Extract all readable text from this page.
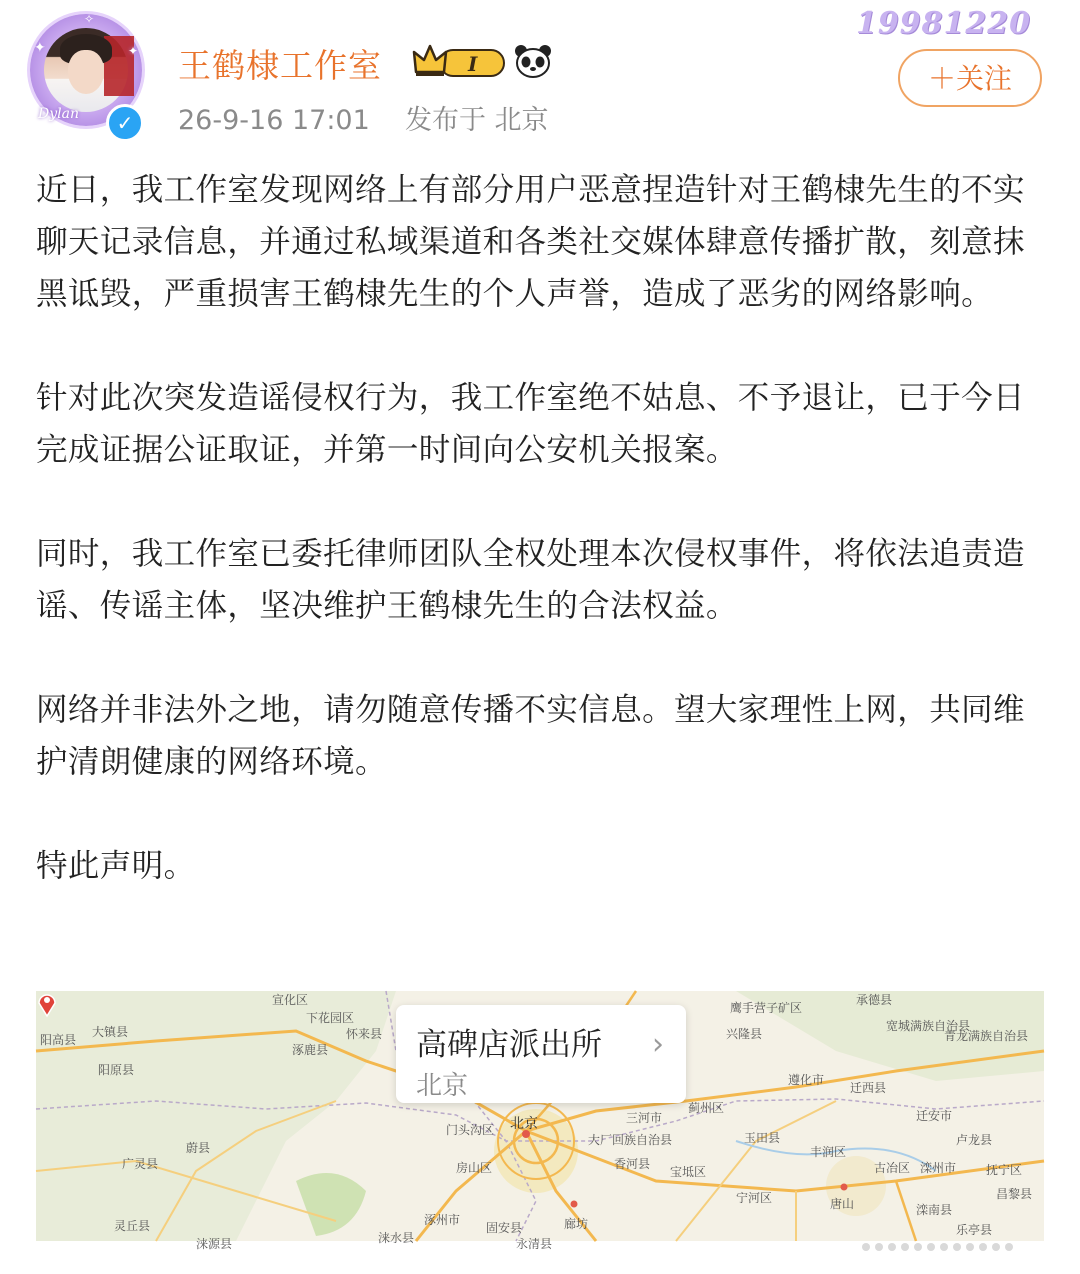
✦
✧
✦
Dylan	✓
王鹤棣工作室	I
26-9-16 17:01 发布于 北京
19981220
＋关注

近日，我工作室发现网络上有部分用户恶意捏造针对王鹤棣先生的不实聊天记录信息，并通过私域渠道和各类社交媒体肆意传播扩散，刻意抹黑诋毁，严重损害王鹤棣先生的个人声誉，造成了恶劣的网络影响。

针对此次突发造谣侵权行为，我工作室绝不姑息、不予退让，已于今日完成证据公证取证，并第一时间向公安机关报案。

同时，我工作室已委托律师团队全权处理本次侵权事件，将依法追责造谣、传谣主体，坚决维护王鹤棣先生的合法权益。

网络并非法外之地，请勿随意传播不实信息。望大家理性上网，共同维护清朗健康的网络环境。

特此声明。

宣化区
下花园区
怀来县
涿鹿县
大镇县
阳原县
蔚县
广灵县
灵丘县
涞源县
门头沟区 北京
房山区
涿州市
涞水县
固安县	廊坊
三河市
大厂回族自治县
香河县
宝坻区
蓟州区
遵化市
玉田县
丰润区
唐山
迁西县
迁安市
卢龙县
古冶区 滦州市
滦南县
乐亭县
兴隆县
承德县
宽城满族自治县
青龙满族自治县
鹰手营子矿区
抚宁区
昌黎县
永清县
宁河区
阳高县	高碑店派出所
北京
›
